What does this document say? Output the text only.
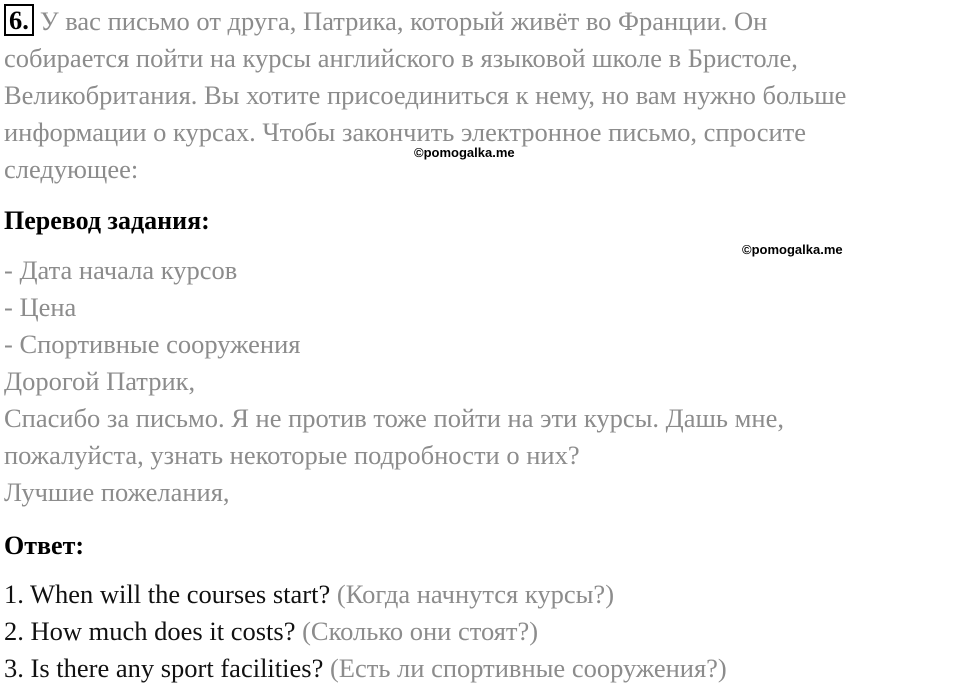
6. У вас письмо от друга, Патрика, который живёт во Франции. Он
собирается пойти на курсы английского в языковой школе в Бристоле,
Великобритания. Вы хотите присоединиться к нему, но вам нужно больше
информации о курсах. Чтобы закончить электронное письмо, спросите
следующее:
©pomogalka.me
Перевод задания:
©pomogalka.me
- Дата начала курсов
- Цена
- Спортивные сооружения
Дорогой Патрик,
Спасибо за письмо. Я не против тоже пойти на эти курсы. Дашь мне,
пожалуйста, узнать некоторые подробности о них?
Лучшие пожелания,
Ответ:
1. When will the courses start? (Когда начнутся курсы?)
2. How much does it costs? (Сколько они стоят?)
3. Is there any sport facilities? (Есть ли спортивные сооружения?)
